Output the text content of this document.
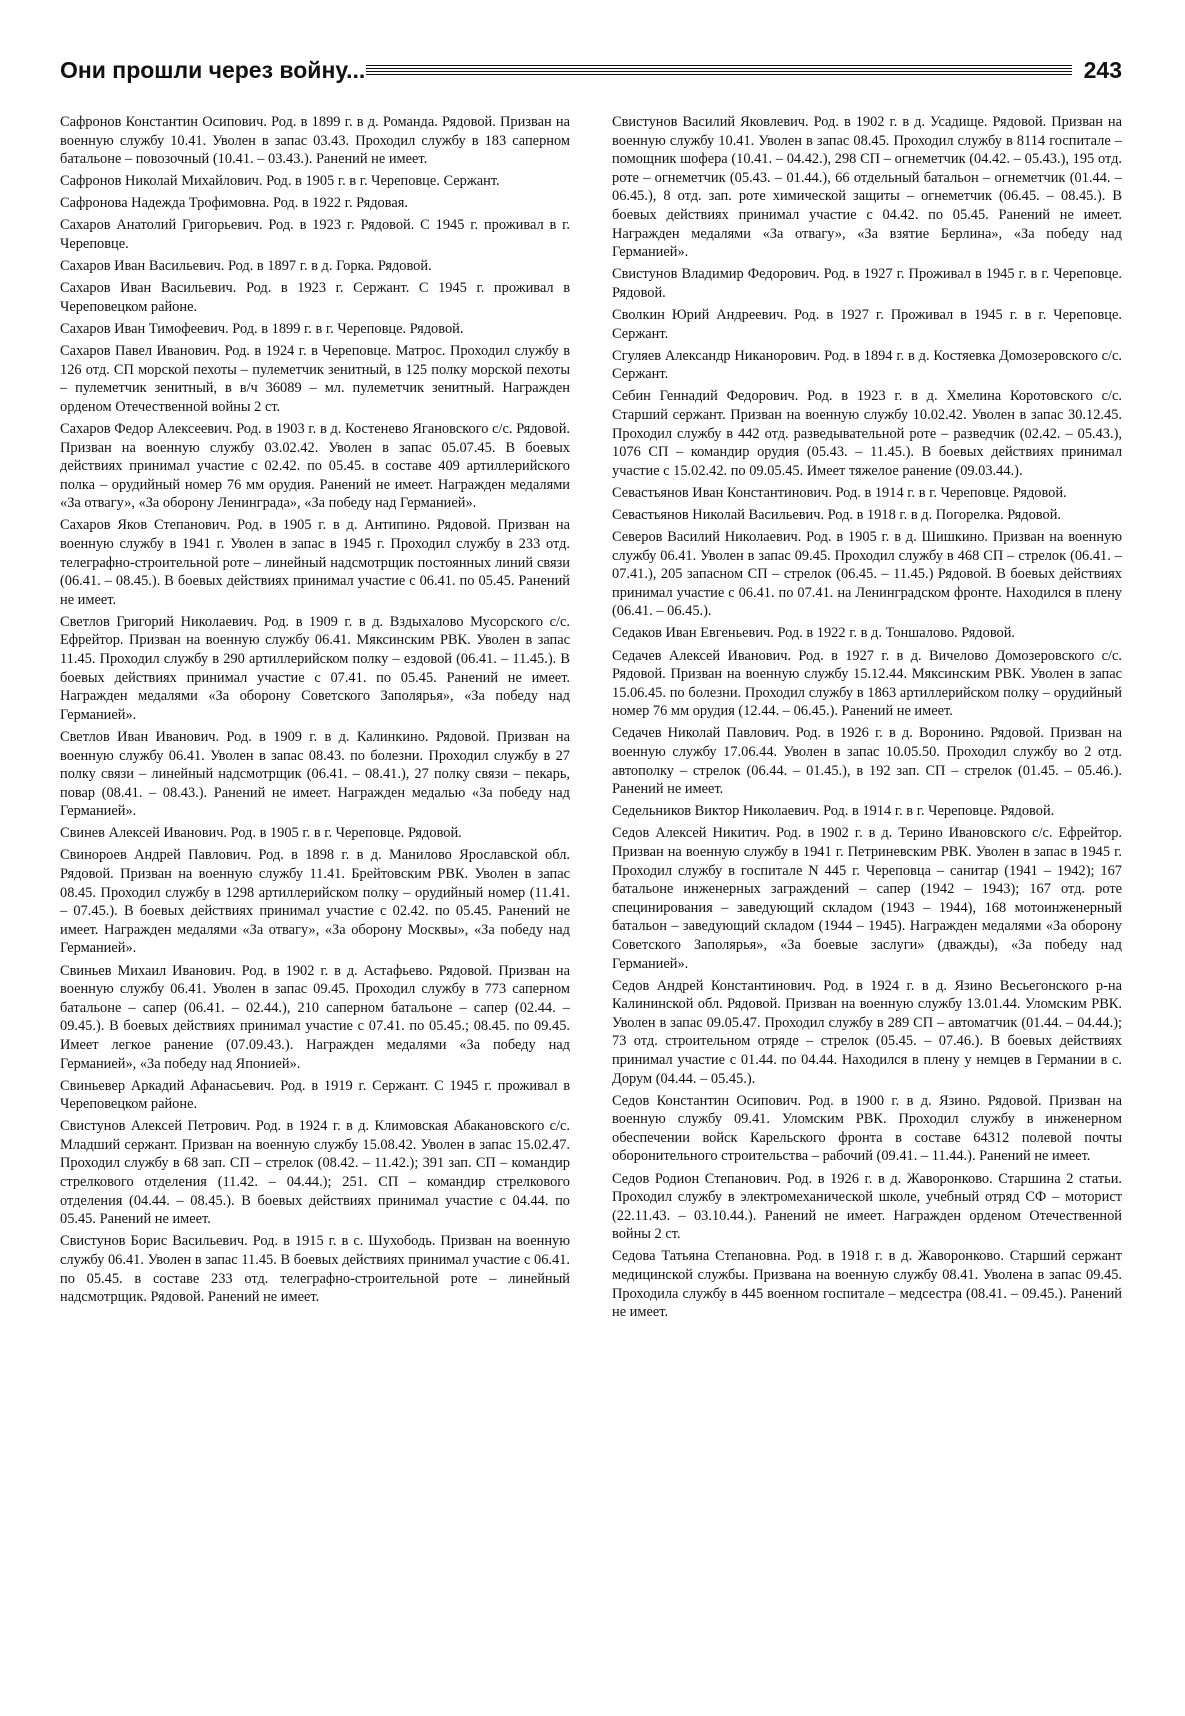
Они прошли через войну...	243

Сафронов Константин Осипович. Род. в 1899 г. в д. Романда. Рядовой. Призван на военную службу 10.41. Уволен в запас 03.43. Проходил службу в 183 саперном батальоне – повозочный (10.41. – 03.43.). Ранений не имеет.

Сафронов Николай Михайлович. Род. в 1905 г. в г. Череповце. Сержант.

Сафронова Надежда Трофимовна. Род. в 1922 г. Рядовая.

Сахаров Анатолий Григорьевич. Род. в 1923 г. Рядовой. С 1945 г. проживал в г. Череповце.

Сахаров Иван Васильевич. Род. в 1897 г. в д. Горка. Рядовой.

Сахаров Иван Васильевич. Род. в 1923 г. Сержант. С 1945 г. проживал в Череповецком районе.

Сахаров Иван Тимофеевич. Род. в 1899 г. в г. Череповце. Рядовой.

Сахаров Павел Иванович. Род. в 1924 г. в Череповце. Матрос. Проходил службу в 126 отд. СП морской пехоты – пулеметчик зенитный, в 125 полку морской пехоты – пулеметчик зенитный, в в/ч 36089 – мл. пулеметчик зенитный. Награжден орденом Отечественной войны 2 ст.

Сахаров Федор Алексеевич. Род. в 1903 г. в д. Костенево Ягановского с/с. Рядовой. Призван на военную службу 03.02.42. Уволен в запас 05.07.45. В боевых действиях принимал участие с 02.42. по 05.45. в составе 409 артиллерийского полка – орудийный номер 76 мм орудия. Ранений не имеет. Награжден медалями «За отвагу», «За оборону Ленинграда», «За победу над Германией».

Сахаров Яков Степанович. Род. в 1905 г. в д. Антипино. Рядовой. Призван на военную службу в 1941 г. Уволен в запас в 1945 г. Проходил службу в 233 отд. телеграфно-строительной роте – линейный надсмотрщик постоянных линий связи (06.41. – 08.45.). В боевых действиях принимал участие с 06.41. по 05.45. Ранений не имеет.

Светлов Григорий Николаевич. Род. в 1909 г. в д. Вздыхалово Мусорского с/с. Ефрейтор. Призван на военную службу 06.41. Мяксинским РВК. Уволен в запас 11.45. Проходил службу в 290 артиллерийском полку – ездовой (06.41. – 11.45.). В боевых действиях принимал участие с 07.41. по 05.45. Ранений не имеет. Награжден медалями «За оборону Советского Заполярья», «За победу над Германией».

Светлов Иван Иванович. Род. в 1909 г. в д. Калинкино. Рядовой. Призван на военную службу 06.41. Уволен в запас 08.43. по болезни. Проходил службу в 27 полку связи – линейный надсмотрщик (06.41. – 08.41.), 27 полку связи – пекарь, повар (08.41. – 08.43.). Ранений не имеет. Награжден медалью «За победу над Германией».

Свинев Алексей Иванович. Род. в 1905 г. в г. Череповце. Рядовой.

Свинороев Андрей Павлович. Род. в 1898 г. в д. Манилово Ярославской обл. Рядовой. Призван на военную службу 11.41. Брейтовским РВК. Уволен в запас 08.45. Проходил службу в 1298 артиллерийском полку – орудийный номер (11.41. – 07.45.). В боевых действиях принимал участие с 02.42. по 05.45. Ранений не имеет. Награжден медалями «За отвагу», «За оборону Москвы», «За победу над Германией».

Свиньев Михаил Иванович. Род. в 1902 г. в д. Астафьево. Рядовой. Призван на военную службу 06.41. Уволен в запас 09.45. Проходил службу в 773 саперном батальоне – сапер (06.41. – 02.44.), 210 саперном батальоне – сапер (02.44. – 09.45.). В боевых действиях принимал участие с 07.41. по 05.45.; 08.45. по 09.45. Имеет легкое ранение (07.09.43.). Награжден медалями «За победу над Германией», «За победу над Японией».

Свиньевер Аркадий Афанасьевич. Род. в 1919 г. Сержант. С 1945 г. проживал в Череповецком районе.

Свистунов Алексей Петрович. Род. в 1924 г. в д. Климовская Абакановского с/с. Младший сержант. Призван на военную службу 15.08.42. Уволен в запас 15.02.47. Проходил службу в 68 зап. СП – стрелок (08.42. – 11.42.); 391 зап. СП – командир стрелкового отделения (11.42. – 04.44.); 251. СП – командир стрелкового отделения (04.44. – 08.45.). В боевых действиях принимал участие с 04.44. по 05.45. Ранений не имеет.

Свистунов Борис Васильевич. Род. в 1915 г. в с. Шухободь. Призван на военную службу 06.41. Уволен в запас 11.45. В боевых действиях принимал участие с 06.41. по 05.45. в составе 233 отд. телеграфно-строительной роте – линейный надсмотрщик. Рядовой. Ранений не имеет.

Свистунов Василий Яковлевич. Род. в 1902 г. в д. Усадище. Рядовой. Призван на военную службу 10.41. Уволен в запас 08.45. Проходил службу в 8114 госпитале – помощник шофера (10.41. – 04.42.), 298 СП – огнеметчик (04.42. – 05.43.), 195 отд. роте – огнеметчик (05.43. – 01.44.), 66 отдельный батальон – огнеметчик (01.44. – 06.45.), 8 отд. зап. роте химической защиты – огнеметчик (06.45. – 08.45.). В боевых действиях принимал участие с 04.42. по 05.45. Ранений не имеет. Награжден медалями «За отвагу», «За взятие Берлина», «За победу над Германией».

Свистунов Владимир Федорович. Род. в 1927 г. Проживал в 1945 г. в г. Череповце. Рядовой.

Сволкин Юрий Андреевич. Род. в 1927 г. Проживал в 1945 г. в г. Череповце. Сержант.

Сгуляев Александр Никанорович. Род. в 1894 г. в д. Костяевка Домозеровского с/с. Сержант.

Себин Геннадий Федорович. Род. в 1923 г. в д. Хмелина Коротовского с/с. Старший сержант. Призван на военную службу 10.02.42. Уволен в запас 30.12.45. Проходил службу в 442 отд. разведывательной роте – разведчик (02.42. – 05.43.), 1076 СП – командир орудия (05.43. – 11.45.). В боевых действиях принимал участие с 15.02.42. по 09.05.45. Имеет тяжелое ранение (09.03.44.).

Севастьянов Иван Константинович. Род. в 1914 г. в г. Череповце. Рядовой.

Севастьянов Николай Васильевич. Род. в 1918 г. в д. Погорелка. Рядовой.

Северов Василий Николаевич. Род. в 1905 г. в д. Шишкино. Призван на военную службу 06.41. Уволен в запас 09.45. Проходил службу в 468 СП – стрелок (06.41. – 07.41.), 205 запасном СП – стрелок (06.45. – 11.45.) Рядовой. В боевых действиях принимал участие с 06.41. по 07.41. на Ленинградском фронте. Находился в плену (06.41. – 06.45.).

Седаков Иван Евгеньевич. Род. в 1922 г. в д. Тоншалово. Рядовой.

Седачев Алексей Иванович. Род. в 1927 г. в д. Вичелово Домозеровского с/с. Рядовой. Призван на военную службу 15.12.44. Мяксинским РВК. Уволен в запас 15.06.45. по болезни. Проходил службу в 1863 артиллерийском полку – орудийный номер 76 мм орудия (12.44. – 06.45.). Ранений не имеет.

Седачев Николай Павлович. Род. в 1926 г. в д. Воронино. Рядовой. Призван на военную службу 17.06.44. Уволен в запас 10.05.50. Проходил службу во 2 отд. автополку – стрелок (06.44. – 01.45.), в 192 зап. СП – стрелок (01.45. – 05.46.). Ранений не имеет.

Седельников Виктор Николаевич. Род. в 1914 г. в г. Череповце. Рядовой.

Седов Алексей Никитич. Род. в 1902 г. в д. Терино Ивановского с/с. Ефрейтор. Призван на военную службу в 1941 г. Петриневским РВК. Уволен в запас в 1945 г. Проходил службу в госпитале N 445 г. Череповца – санитар (1941 – 1942); 167 батальоне инженерных заграждений – сапер (1942 – 1943); 167 отд. роте специнирования – заведующий складом (1943 – 1944), 168 мотоинженерный батальон – заведующий складом (1944 – 1945). Награжден медалями «За оборону Советского Заполярья», «За боевые заслуги» (дважды), «За победу над Германией».

Седов Андрей Константинович. Род. в 1924 г. в д. Язино Весьегонского р-на Калининской обл. Рядовой. Призван на военную службу 13.01.44. Уломским РВК. Уволен в запас 09.05.47. Проходил службу в 289 СП – автоматчик (01.44. – 04.44.); 73 отд. строительном отряде – стрелок (05.45. – 07.46.). В боевых действиях принимал участие с 01.44. по 04.44. Находился в плену у немцев в Германии в с. Дорум (04.44. – 05.45.).

Седов Константин Осипович. Род. в 1900 г. в д. Язино. Рядовой. Призван на военную службу 09.41. Уломским РВК. Проходил службу в инженерном обеспечении войск Карельского фронта в составе 64312 полевой почты оборонительного строительства – рабочий (09.41. – 11.44.). Ранений не имеет.

Седов Родион Степанович. Род. в 1926 г. в д. Жаворонково. Старшина 2 статьи. Проходил службу в электромеханической школе, учебный отряд СФ – моторист (22.11.43. – 03.10.44.). Ранений не имеет. Награжден орденом Отечественной войны 2 ст.

Седова Татьяна Степановна. Род. в 1918 г. в д. Жаворонково. Старший сержант медицинской службы. Призвана на военную службу 08.41. Уволена в запас 09.45. Проходила службу в 445 военном госпитале – медсестра (08.41. – 09.45.). Ранений не имеет.
